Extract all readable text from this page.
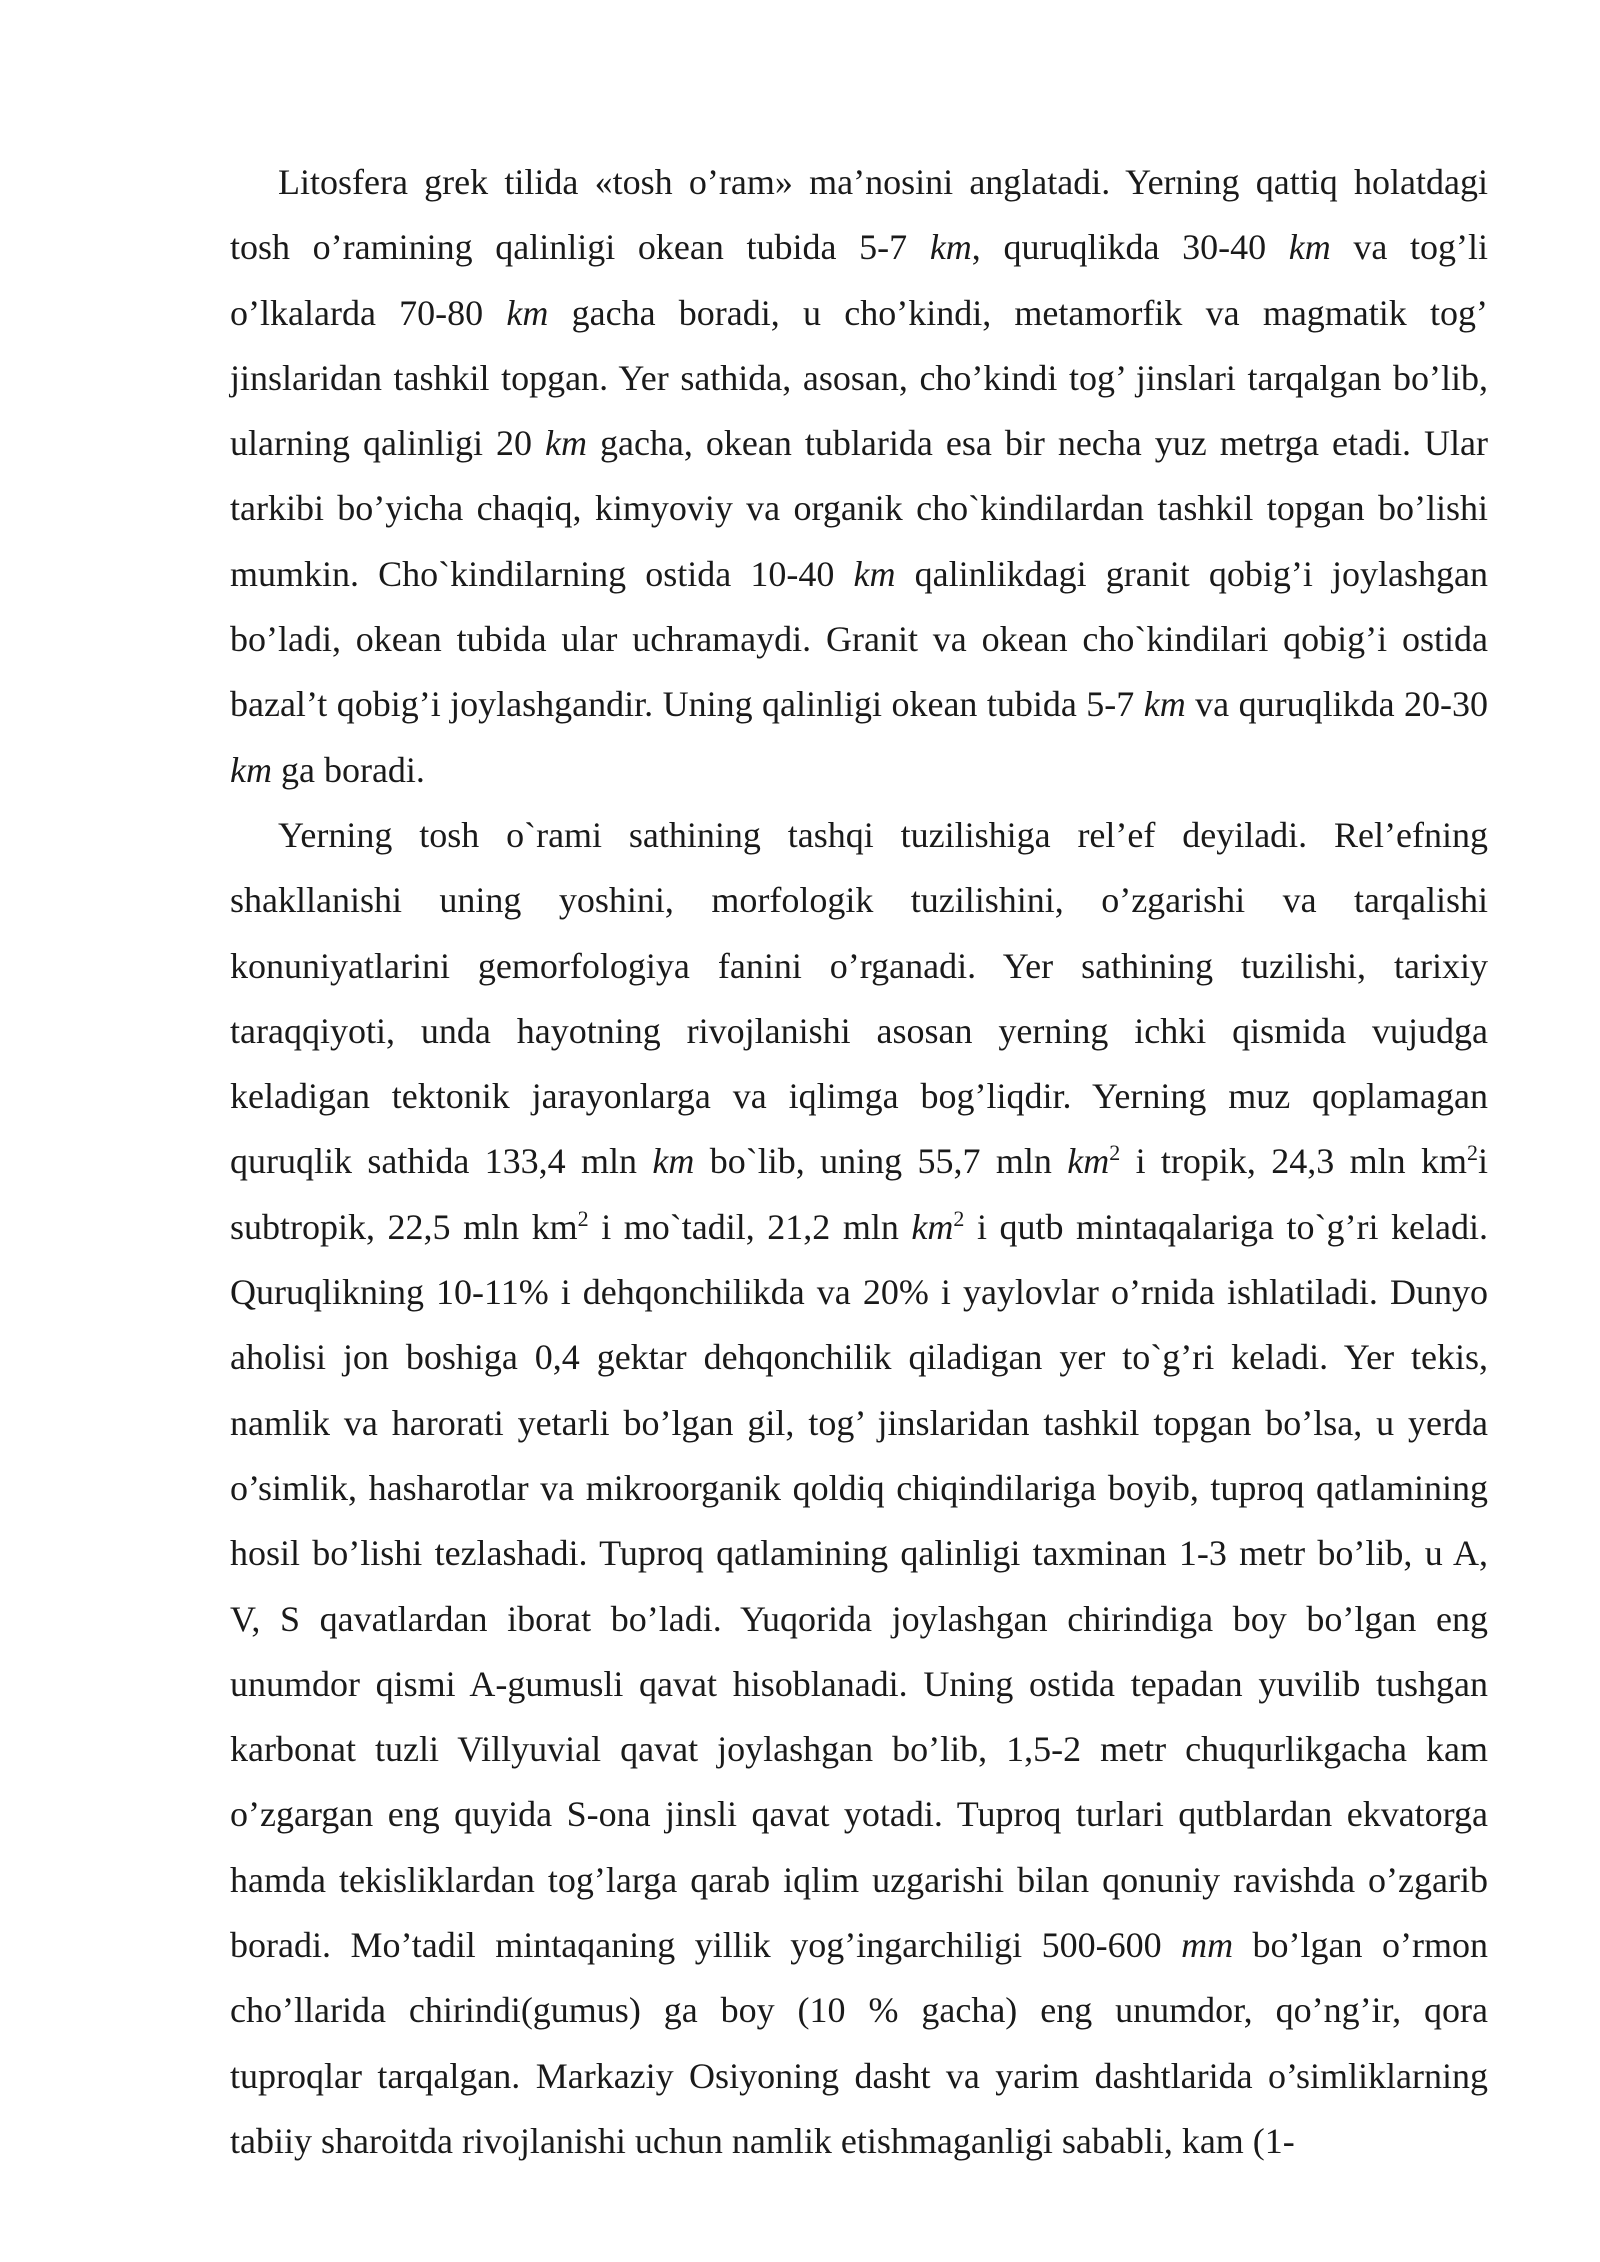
Litosfera grek tilida «tosh o’ram» ma’nosini anglatadi. Yerning qattiq holatdagi tosh o’ramining qalinligi okean tubida 5-7 km, quruqlikda 30-40 km va tog’li o’lkalarda 70-80 km gacha boradi, u cho’kindi, metamorfik va magmatik tog’ jinslaridan tashkil topgan. Yer sathida, asosan, cho’kindi tog’ jinslari tarqalgan bo’lib, ularning qalinligi 20 km gacha, okean tublarida esa bir necha yuz metrga etadi. Ular tarkibi bo’yicha chaqiq, kimyoviy va organik cho`kindilardan tashkil topgan bo’lishi mumkin. Cho`kindilarning ostida 10-40 km qalinlikdagi granit qobig’i joylashgan bo’ladi, okean tubida ular uchramaydi. Granit va okean cho`kindilari qobig’i ostida bazal’t qobig’i joylashgandir. Uning qalinligi okean tubida 5-7 km va quruqlikda 20-30 km ga boradi.

Yerning tosh o`rami sathining tashqi tuzilishiga rel’ef deyiladi. Rel’efning shakllanishi uning yoshini, morfologik tuzilishini, o’zgarishi va tarqalishi konuniyatlarini gemorfologiya fanini o’rganadi. Yer sathining tuzilishi, tarixiy taraqqiyoti, unda hayotning rivojlanishi asosan yerning ichki qismida vujudga keladigan tektonik jarayonlarga va iqlimga bog’liqdir. Yerning muz qoplamagan quruqlik sathida 133,4 mln km bo`lib, uning 55,7 mln $km^2$ i tropik, 24,3 mln $km^2i$ subtropik, 22,5 mln $km^2$ i mo`tadil, 21,2 mln $km^2$ i qutb mintaqalariga to`g’ri keladi. Quruqlikning 10-11% i dehqonchilikda va 20% i yaylovlar o’rnida ishlatiladi. Dunyo aholisi jon boshiga 0,4 gektar dehqonchilik qiladigan yer to`g’ri keladi. Yer tekis, namlik va harorati yetarli bo’lgan gil, tog’ jinslaridan tashkil topgan bo’lsa, u yerda o’simlik, hasharotlar va mikroorganik qoldiq chiqindilariga boyib, tuproq qatlamining hosil bo’lishi tezlashadi. Tuproq qatlamining qalinligi taxminan 1-3 metr bo’lib, u A, V, S qavatlardan iborat bo’ladi. Yuqorida joylashgan chirindiga boy bo’lgan eng unumdor qismi A-gumusli qavat hisoblanadi. Uning ostida tepadan yuvilib tushgan karbonat tuzli Villyuvial qavat joylashgan bo’lib, 1,5-2 metr chuqurlikgacha kam o’zgargan eng quyida S-ona jinsli qavat yotadi. Tuproq turlari qutblardan ekvatorga hamda tekisliklardan tog’larga qarab iqlim uzgarishi bilan qonuniy ravishda o’zgarib boradi. Mo’tadil mintaqaning yillik yog’ingarchiligi 500-600 mm bo’lgan o’rmon cho’llarida chirindi(gumus) ga boy (10 % gacha) eng unumdor, qo’ng’ir, qora tuproqlar tarqalgan. Markaziy Osiyoning dasht va yarim dashtlarida o’simliklarning tabiiy sharoitda rivojlanishi uchun namlik etishmaganligi sababli, kam (1-
